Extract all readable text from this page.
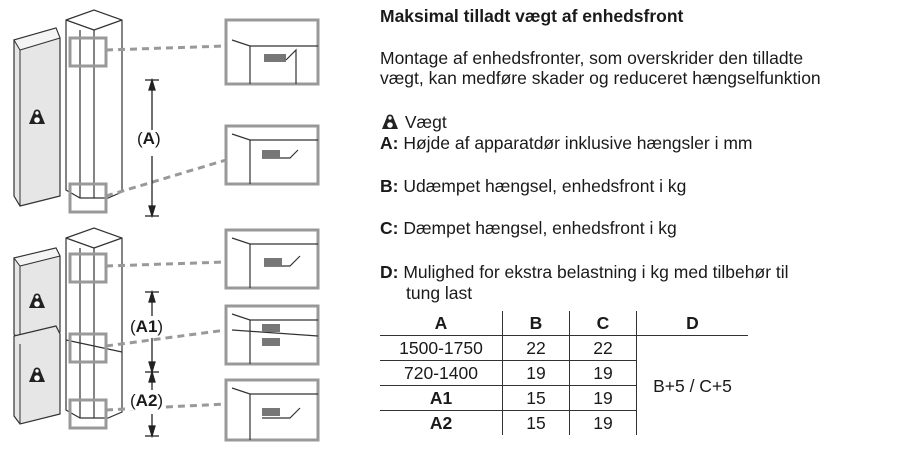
(A)
(A1)
(A2)
Maksimal tilladt vægt af enhedsfront
Montage af enhedsfronter, som overskrider den tilladte
vægt, kan medføre skader og reduceret hængselfunktion
Vægt
A: Højde af apparatdør inklusive hængsler i mm
B: Udæmpet hængsel, enhedsfront i kg
C: Dæmpet hængsel, enhedsfront i kg
D: Mulighed for ekstra belastning i kg med tilbehør til
tung last
A	B	C	D
1500-1750	22	22	B+5 / C+5
720-1400	19	19	
A1	15	19	
A2	15	19	
